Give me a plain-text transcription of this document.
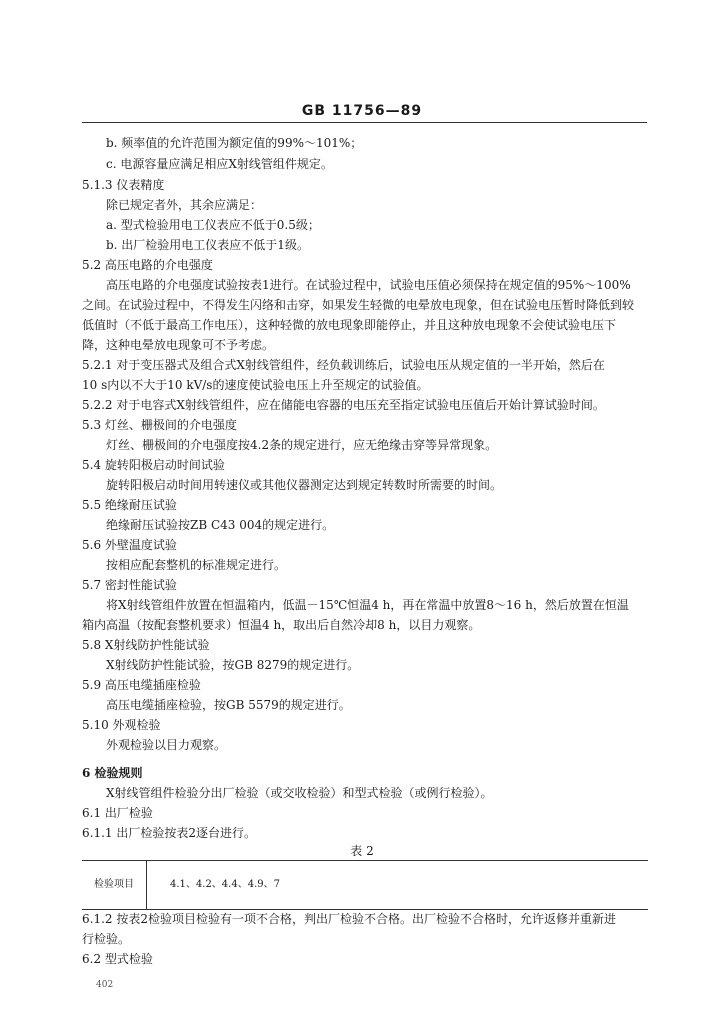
GB 11756—89
b. 频率值的允许范围为额定值的99%～101%；
c. 电源容量应满足相应X射线管组件规定。
5.1.3 仪表精度
除已规定者外，其余应满足：
a. 型式检验用电工仪表应不低于0.5级；
b. 出厂检验用电工仪表应不低于1级。
5.2 高压电路的介电强度
高压电路的介电强度试验按表1进行。在试验过程中，试验电压值必须保持在规定值的95%～100%
之间。在试验过程中，不得发生闪络和击穿，如果发生轻微的电晕放电现象，但在试验电压暂时降低到较
低值时（不低于最高工作电压），这种轻微的放电现象即能停止，并且这种放电现象不会使试验电压下
降，这种电晕放电现象可不予考虑。
5.2.1 对于变压器式及组合式X射线管组件，经负载训练后，试验电压从规定值的一半开始，然后在
10 s内以不大于10 kV/s的速度使试验电压上升至规定的试验值。
5.2.2 对于电容式X射线管组件，应在储能电容器的电压充至指定试验电压值后开始计算试验时间。
5.3 灯丝、栅极间的介电强度
灯丝、栅极间的介电强度按4.2条的规定进行，应无绝缘击穿等异常现象。
5.4 旋转阳极启动时间试验
旋转阳极启动时间用转速仪或其他仪器测定达到规定转数时所需要的时间。
5.5 绝缘耐压试验
绝缘耐压试验按ZB C43 004的规定进行。
5.6 外壁温度试验
按相应配套整机的标准规定进行。
5.7 密封性能试验
将X射线管组件放置在恒温箱内，低温－15℃恒温4 h，再在常温中放置8～16 h，然后放置在恒温
箱内高温（按配套整机要求）恒温4 h，取出后自然冷却8 h，以目力观察。
5.8 X射线防护性能试验
X射线防护性能试验，按GB 8279的规定进行。
5.9 高压电缆插座检验
高压电缆插座检验，按GB 5579的规定进行。
5.10 外观检验
外观检验以目力观察。
6 检验规则
X射线管组件检验分出厂检验（或交收检验）和型式检验（或例行检验）。
6.1 出厂检验
6.1.1 出厂检验按表2逐台进行。
表 2
检验项目	4.1、4.2、4.4、4.9、7
6.1.2 按表2检验项目检验有一项不合格，判出厂检验不合格。出厂检验不合格时，允许返修并重新进
行检验。
6.2 型式检验
402
